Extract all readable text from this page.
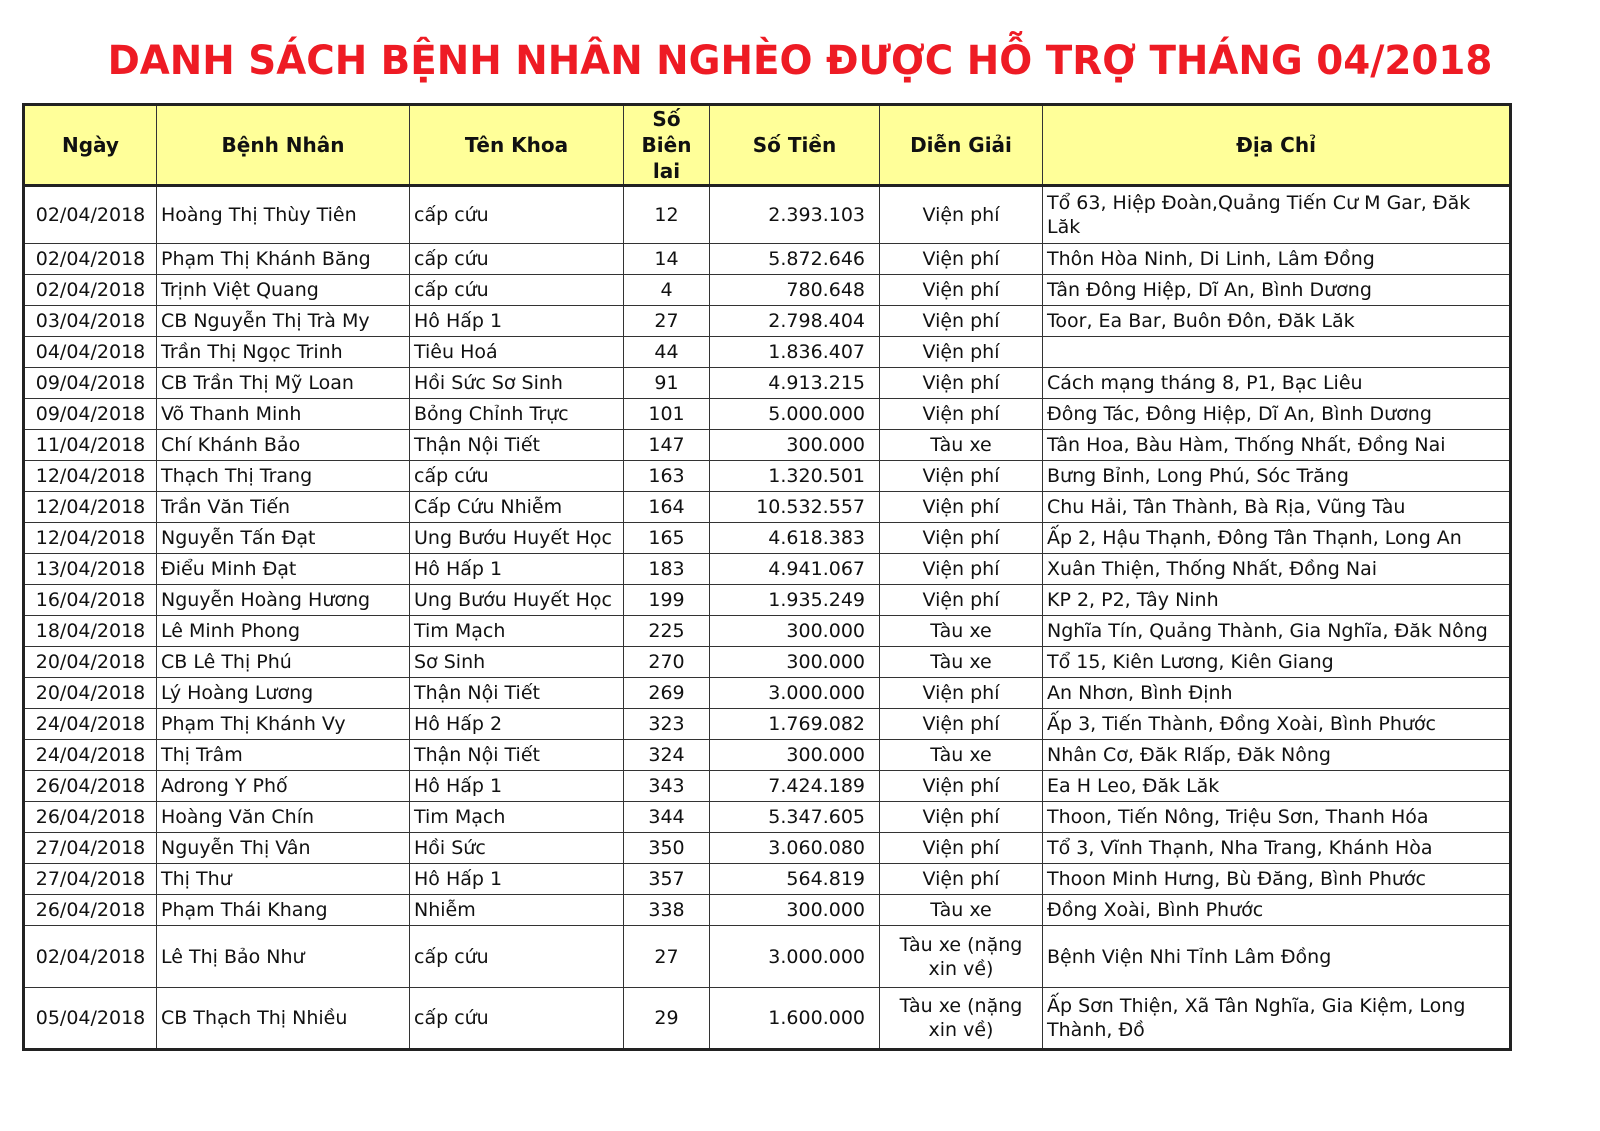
DANH SÁCH BỆNH NHÂN NGHÈO ĐƯỢC HỖ TRỢ THÁNG 04/2018
Ngày	Bệnh Nhân	Tên Khoa	Số Biên lai	Số Tiền	Diễn Giải	Địa Chỉ
02/04/2018	Hoàng Thị Thùy Tiên	cấp cứu	12	2.393.103	Viện phí	Tổ 63, Hiệp Đoàn,Quảng Tiến Cư M Gar, Đăk Lăk
02/04/2018	Phạm Thị Khánh Băng	cấp cứu	14	5.872.646	Viện phí	Thôn Hòa Ninh, Di Linh, Lâm Đồng
02/04/2018	Trịnh Việt Quang	cấp cứu	4	780.648	Viện phí	Tân Đông Hiệp, Dĩ An, Bình Dương
03/04/2018	CB Nguyễn Thị Trà My	Hô Hấp 1	27	2.798.404	Viện phí	Toor, Ea Bar, Buôn Đôn, Đăk Lăk
04/04/2018	Trần Thị Ngọc Trinh	Tiêu Hoá	44	1.836.407	Viện phí	
09/04/2018	CB Trần Thị Mỹ Loan	Hồi Sức Sơ Sinh	91	4.913.215	Viện phí	Cách mạng tháng 8, P1, Bạc Liêu
09/04/2018	Võ Thanh Minh	Bỏng Chỉnh Trực	101	5.000.000	Viện phí	Đông Tác, Đông Hiệp, Dĩ An, Bình Dương
11/04/2018	Chí Khánh Bảo	Thận Nội Tiết	147	300.000	Tàu xe	Tân Hoa, Bàu Hàm, Thống Nhất, Đồng Nai
12/04/2018	Thạch Thị Trang	cấp cứu	163	1.320.501	Viện phí	Bưng Bỉnh, Long Phú, Sóc Trăng
12/04/2018	Trần Văn Tiến	Cấp Cứu Nhiễm	164	10.532.557	Viện phí	Chu Hải, Tân Thành, Bà Rịa, Vũng Tàu
12/04/2018	Nguyễn Tấn Đạt	Ung Bướu Huyết Học	165	4.618.383	Viện phí	Ấp 2, Hậu Thạnh, Đông Tân Thạnh, Long An
13/04/2018	Điểu Minh Đạt	Hô Hấp 1	183	4.941.067	Viện phí	Xuân Thiện, Thống Nhất, Đồng Nai
16/04/2018	Nguyễn Hoàng Hương	Ung Bướu Huyết Học	199	1.935.249	Viện phí	KP 2, P2, Tây Ninh
18/04/2018	Lê Minh Phong	Tim Mạch	225	300.000	Tàu xe	Nghĩa Tín, Quảng Thành, Gia Nghĩa, Đăk Nông
20/04/2018	CB Lê Thị Phú	Sơ Sinh	270	300.000	Tàu xe	Tổ 15, Kiên Lương, Kiên Giang
20/04/2018	Lý Hoàng Lương	Thận Nội Tiết	269	3.000.000	Viện phí	An Nhơn, Bình Định
24/04/2018	Phạm Thị Khánh Vy	Hô Hấp 2	323	1.769.082	Viện phí	Ấp 3, Tiến Thành, Đồng Xoài, Bình Phước
24/04/2018	Thị Trâm	Thận Nội Tiết	324	300.000	Tàu xe	Nhân Cơ, Đăk Rlấp, Đăk Nông
26/04/2018	Adrong Y Phố	Hô Hấp 1	343	7.424.189	Viện phí	Ea H Leo, Đăk Lăk
26/04/2018	Hoàng Văn Chín	Tim Mạch	344	5.347.605	Viện phí	Thoon, Tiến Nông, Triệu Sơn, Thanh Hóa
27/04/2018	Nguyễn Thị Vân	Hồi Sức	350	3.060.080	Viện phí	Tổ 3, Vĩnh Thạnh, Nha Trang, Khánh Hòa
27/04/2018	Thị Thư	Hô Hấp 1	357	564.819	Viện phí	Thoon Minh Hưng, Bù Đăng, Bình Phước
26/04/2018	Phạm Thái Khang	Nhiễm	338	300.000	Tàu xe	Đồng Xoài, Bình Phước
02/04/2018	Lê Thị Bảo Như	cấp cứu	27	3.000.000	Tàu xe (nặng xin về)	Bệnh Viện Nhi Tỉnh Lâm Đồng
05/04/2018	CB Thạch Thị Nhiều	cấp cứu	29	1.600.000	Tàu xe (nặng xin về)	Ấp Sơn Thiện, Xã Tân Nghĩa, Gia Kiệm, Long Thành, Đồ
